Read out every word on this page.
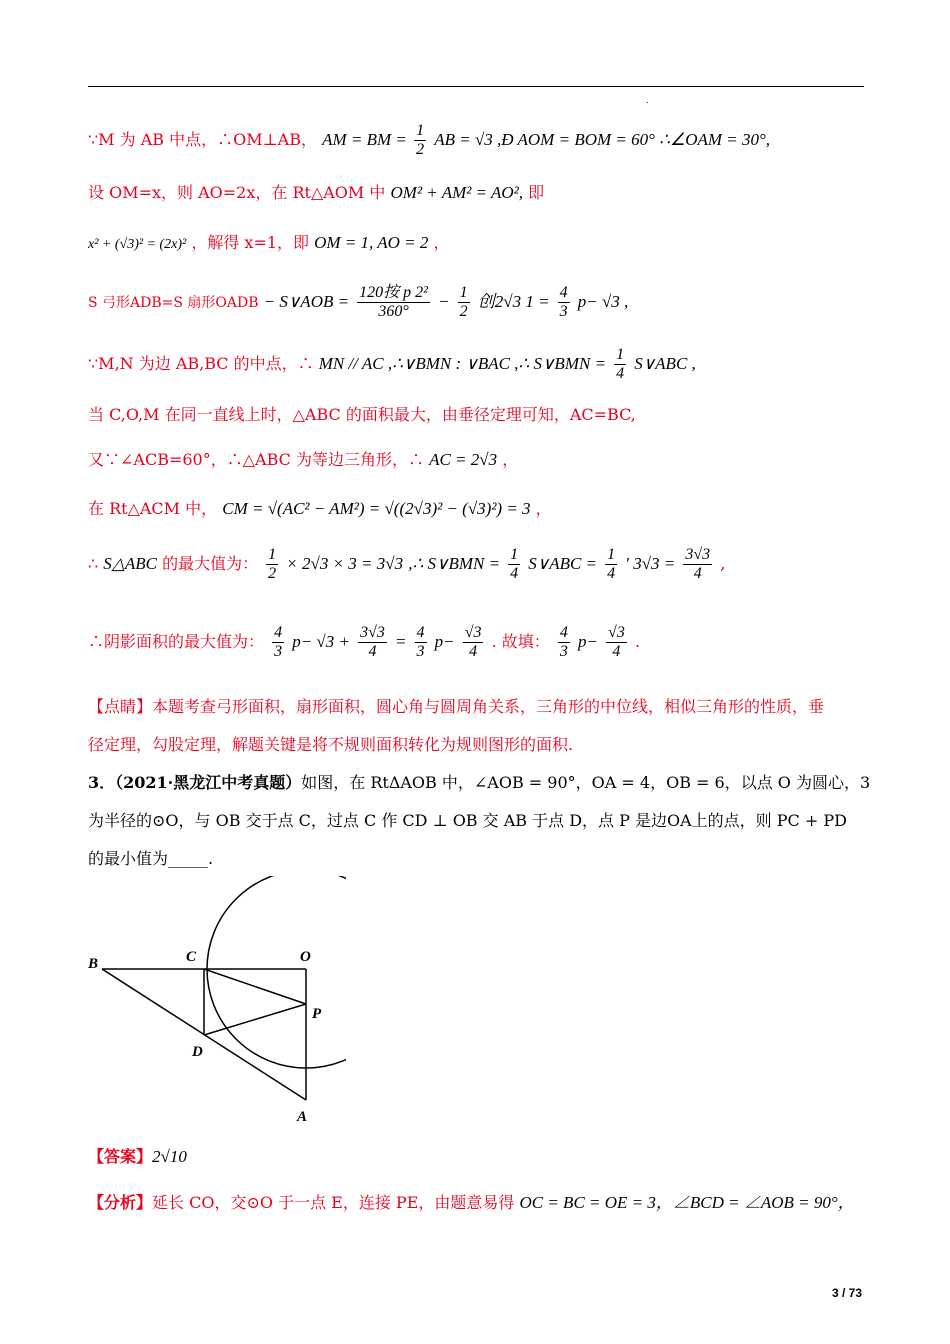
.
∵M 为 AB 中点，∴OM⊥AB， AM = BM = $\frac{1}{2}$ AB = √3 ,Ð AOM = BOM = 60° ∴∠OAM = 30°,
设 OM=x，则 AO=2x，在 Rt△AOM 中 OM² + AM² = AO², 即
x² + (√3)² = (2x)² ，解得 x=1，即 OM = 1, AO = 2 ，
S 弓形ADB=S 扇形OADB − S∨AOB = $\frac{\text{120按 p 2²}}{360^\circ} - \frac{1}{2}$ 创2√3 $1 = \frac{4}{3} p- √3$ ,
∵M,N 为边 AB,BC 的中点，∴ MN // AC ,∴∨BMN : ∨BAC ,∴ S∨BMN = $\frac{1}{4}$ S∨ABC ,
当 C,O,M 在同一直线上时，△ABC 的面积最大，由垂径定理可知，AC=BC,
又∵∠ACB=60°，∴△ABC 为等边三角形，∴ AC = 2√3 ，
在 Rt△ACM 中， CM = √(AC² − AM²) = √((2√3)² − (√3)²) = 3 ，
∴ S△ABC 的最大值为： $\frac{1}{2} \times 2√3 \times 3 = 3√3$ ,∴ S∨BMN = $\frac{1}{4}$ S∨ABC = $\frac{1}{4}$ ′ $3√3 = \frac{3√3}{4}$ ,
∴阴影面积的最大值为： $\frac{4}{3} p- √3 + \frac{3√3}{4} = \frac{4}{3} p- \frac{√3}{4}$ . 故填： $\frac{4}{3} p- \frac{√3}{4}$ .
【点睛】本题考查弓形面积，扇形面积，圆心角与圆周角关系，三角形的中位线，相似三角形的性质，垂
径定理，勾股定理，解题关键是将不规则面积转化为规则图形的面积.
3．（2021·黑龙江中考真题）如图，在 RtΔAOB 中，∠AOB = 90°，OA = 4，OB = 6，以点 O 为圆心，3
为半径的⊙O，与 OB 交于点 C，过点 C 作 CD ⊥ OB 交 AB 于点 D，点 P 是边OA上的点，则 PC + PD
的最小值为_____.
B	C	O
P
D
A
【答案】2√10
【分析】延长 CO，交⊙O 于一点 E，连接 PE，由题意易得 OC = BC = OE = 3，∠BCD = ∠AOB = 90°，
3 / 73
